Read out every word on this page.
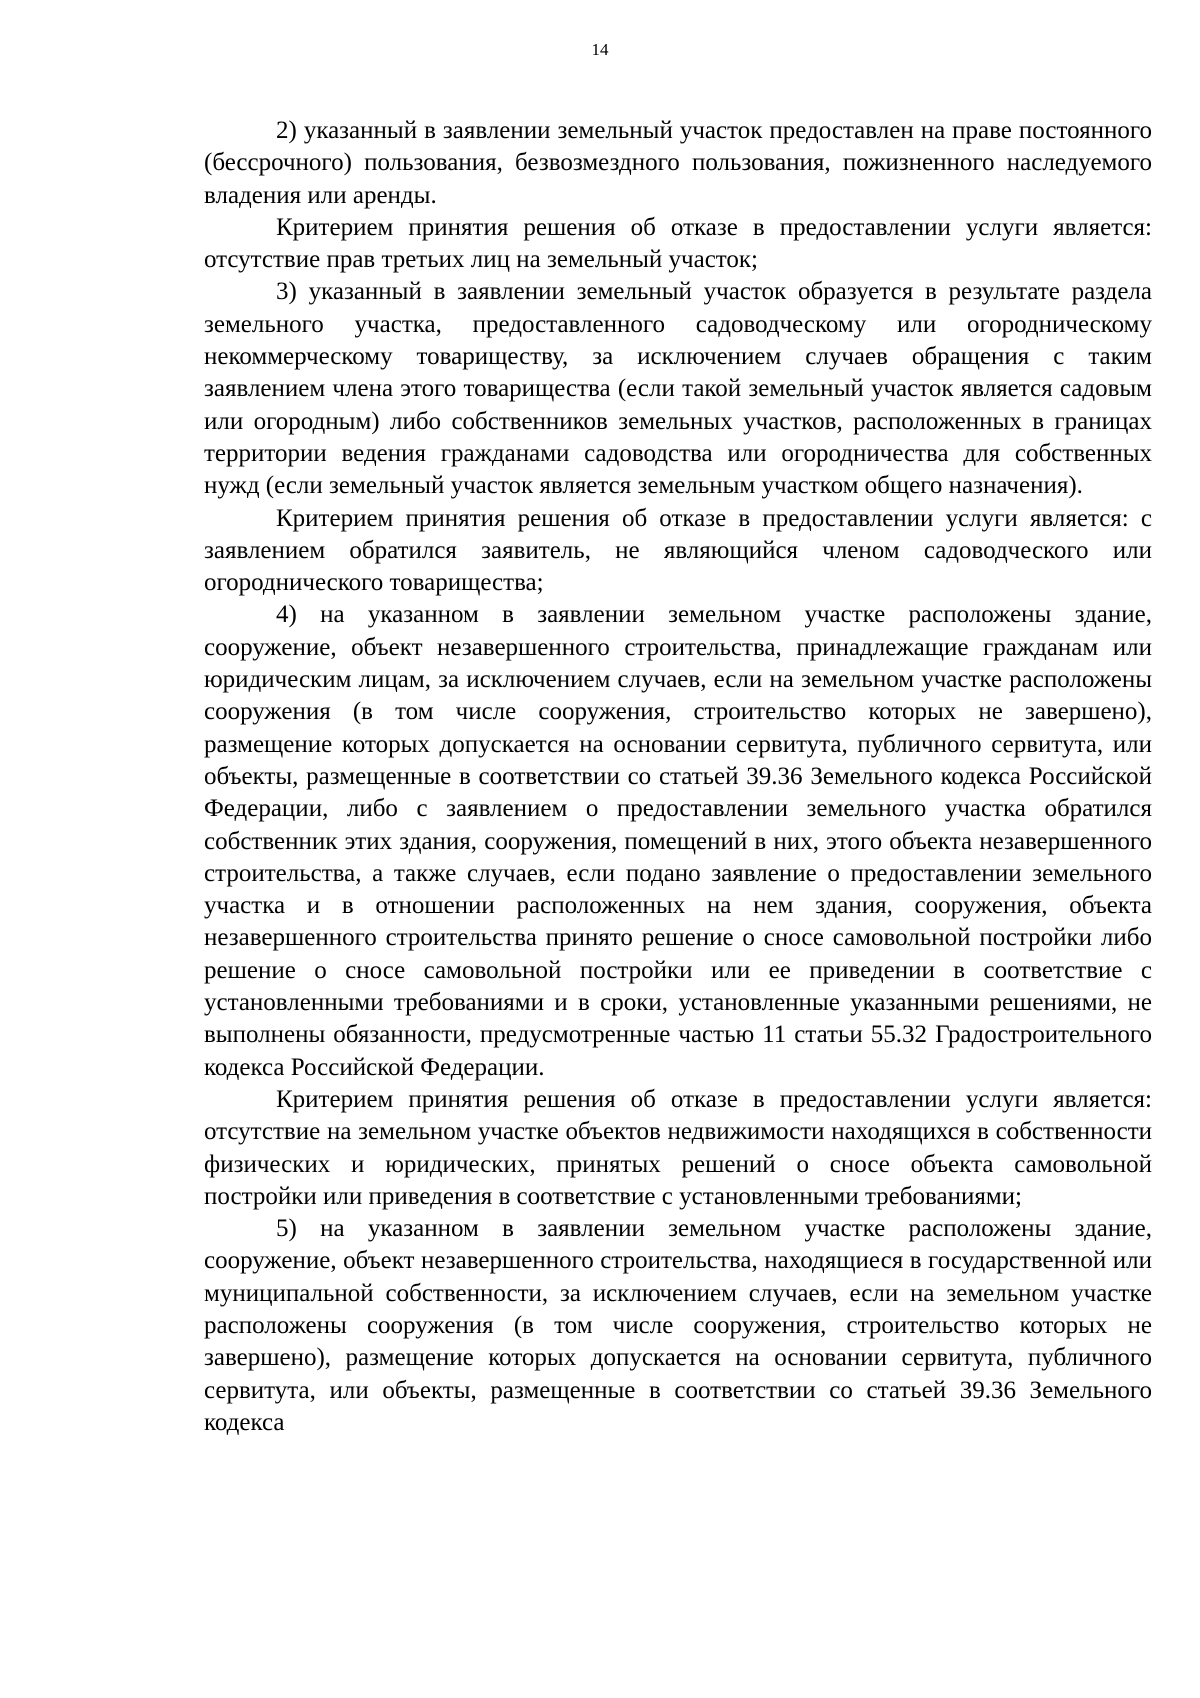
14

2) указанный в заявлении земельный участок предоставлен на праве постоянного (бессрочного) пользования, безвозмездного пользования, пожизненного наследуемого владения или аренды.

Критерием принятия решения об отказе в предоставлении услуги является: отсутствие прав третьих лиц на земельный участок;

3) указанный в заявлении земельный участок образуется в результате раздела земельного участка, предоставленного садоводческому или огородническому некоммерческому товариществу, за исключением случаев обращения с таким заявлением члена этого товарищества (если такой земельный участок является садовым или огородным) либо собственников земельных участков, расположенных в границах территории ведения гражданами садоводства или огородничества для собственных нужд (если земельный участок является земельным участком общего назначения).

Критерием принятия решения об отказе в предоставлении услуги является: с заявлением обратился заявитель, не являющийся членом садоводческого или огороднического товарищества;

4) на указанном в заявлении земельном участке расположены здание, сооружение, объект незавершенного строительства, принадлежащие гражданам или юридическим лицам, за исключением случаев, если на земельном участке расположены сооружения (в том числе сооружения, строительство которых не завершено), размещение которых допускается на основании сервитута, публичного сервитута, или объекты, размещенные в соответствии со статьей 39.36 Земельного кодекса Российской Федерации, либо с заявлением о предоставлении земельного участка обратился собственник этих здания, сооружения, помещений в них, этого объекта незавершенного строительства, а также случаев, если подано заявление о предоставлении земельного участка и в отношении расположенных на нем здания, сооружения, объекта незавершенного строительства принято решение о сносе самовольной постройки либо решение о сносе самовольной постройки или ее приведении в соответствие с установленными требованиями и в сроки, установленные указанными решениями, не выполнены обязанности, предусмотренные частью 11 статьи 55.32 Градостроительного кодекса Российской Федерации.

Критерием принятия решения об отказе в предоставлении услуги является: отсутствие на земельном участке объектов недвижимости находящихся в собственности физических и юридических, принятых решений о сносе объекта самовольной постройки или приведения в соответствие с установленными требованиями;

5) на указанном в заявлении земельном участке расположены здание, сооружение, объект незавершенного строительства, находящиеся в государственной или муниципальной собственности, за исключением случаев, если на земельном участке расположены сооружения (в том числе сооружения, строительство которых не завершено), размещение которых допускается на основании сервитута, публичного сервитута, или объекты, размещенные в соответствии со статьей 39.36 Земельного кодекса
